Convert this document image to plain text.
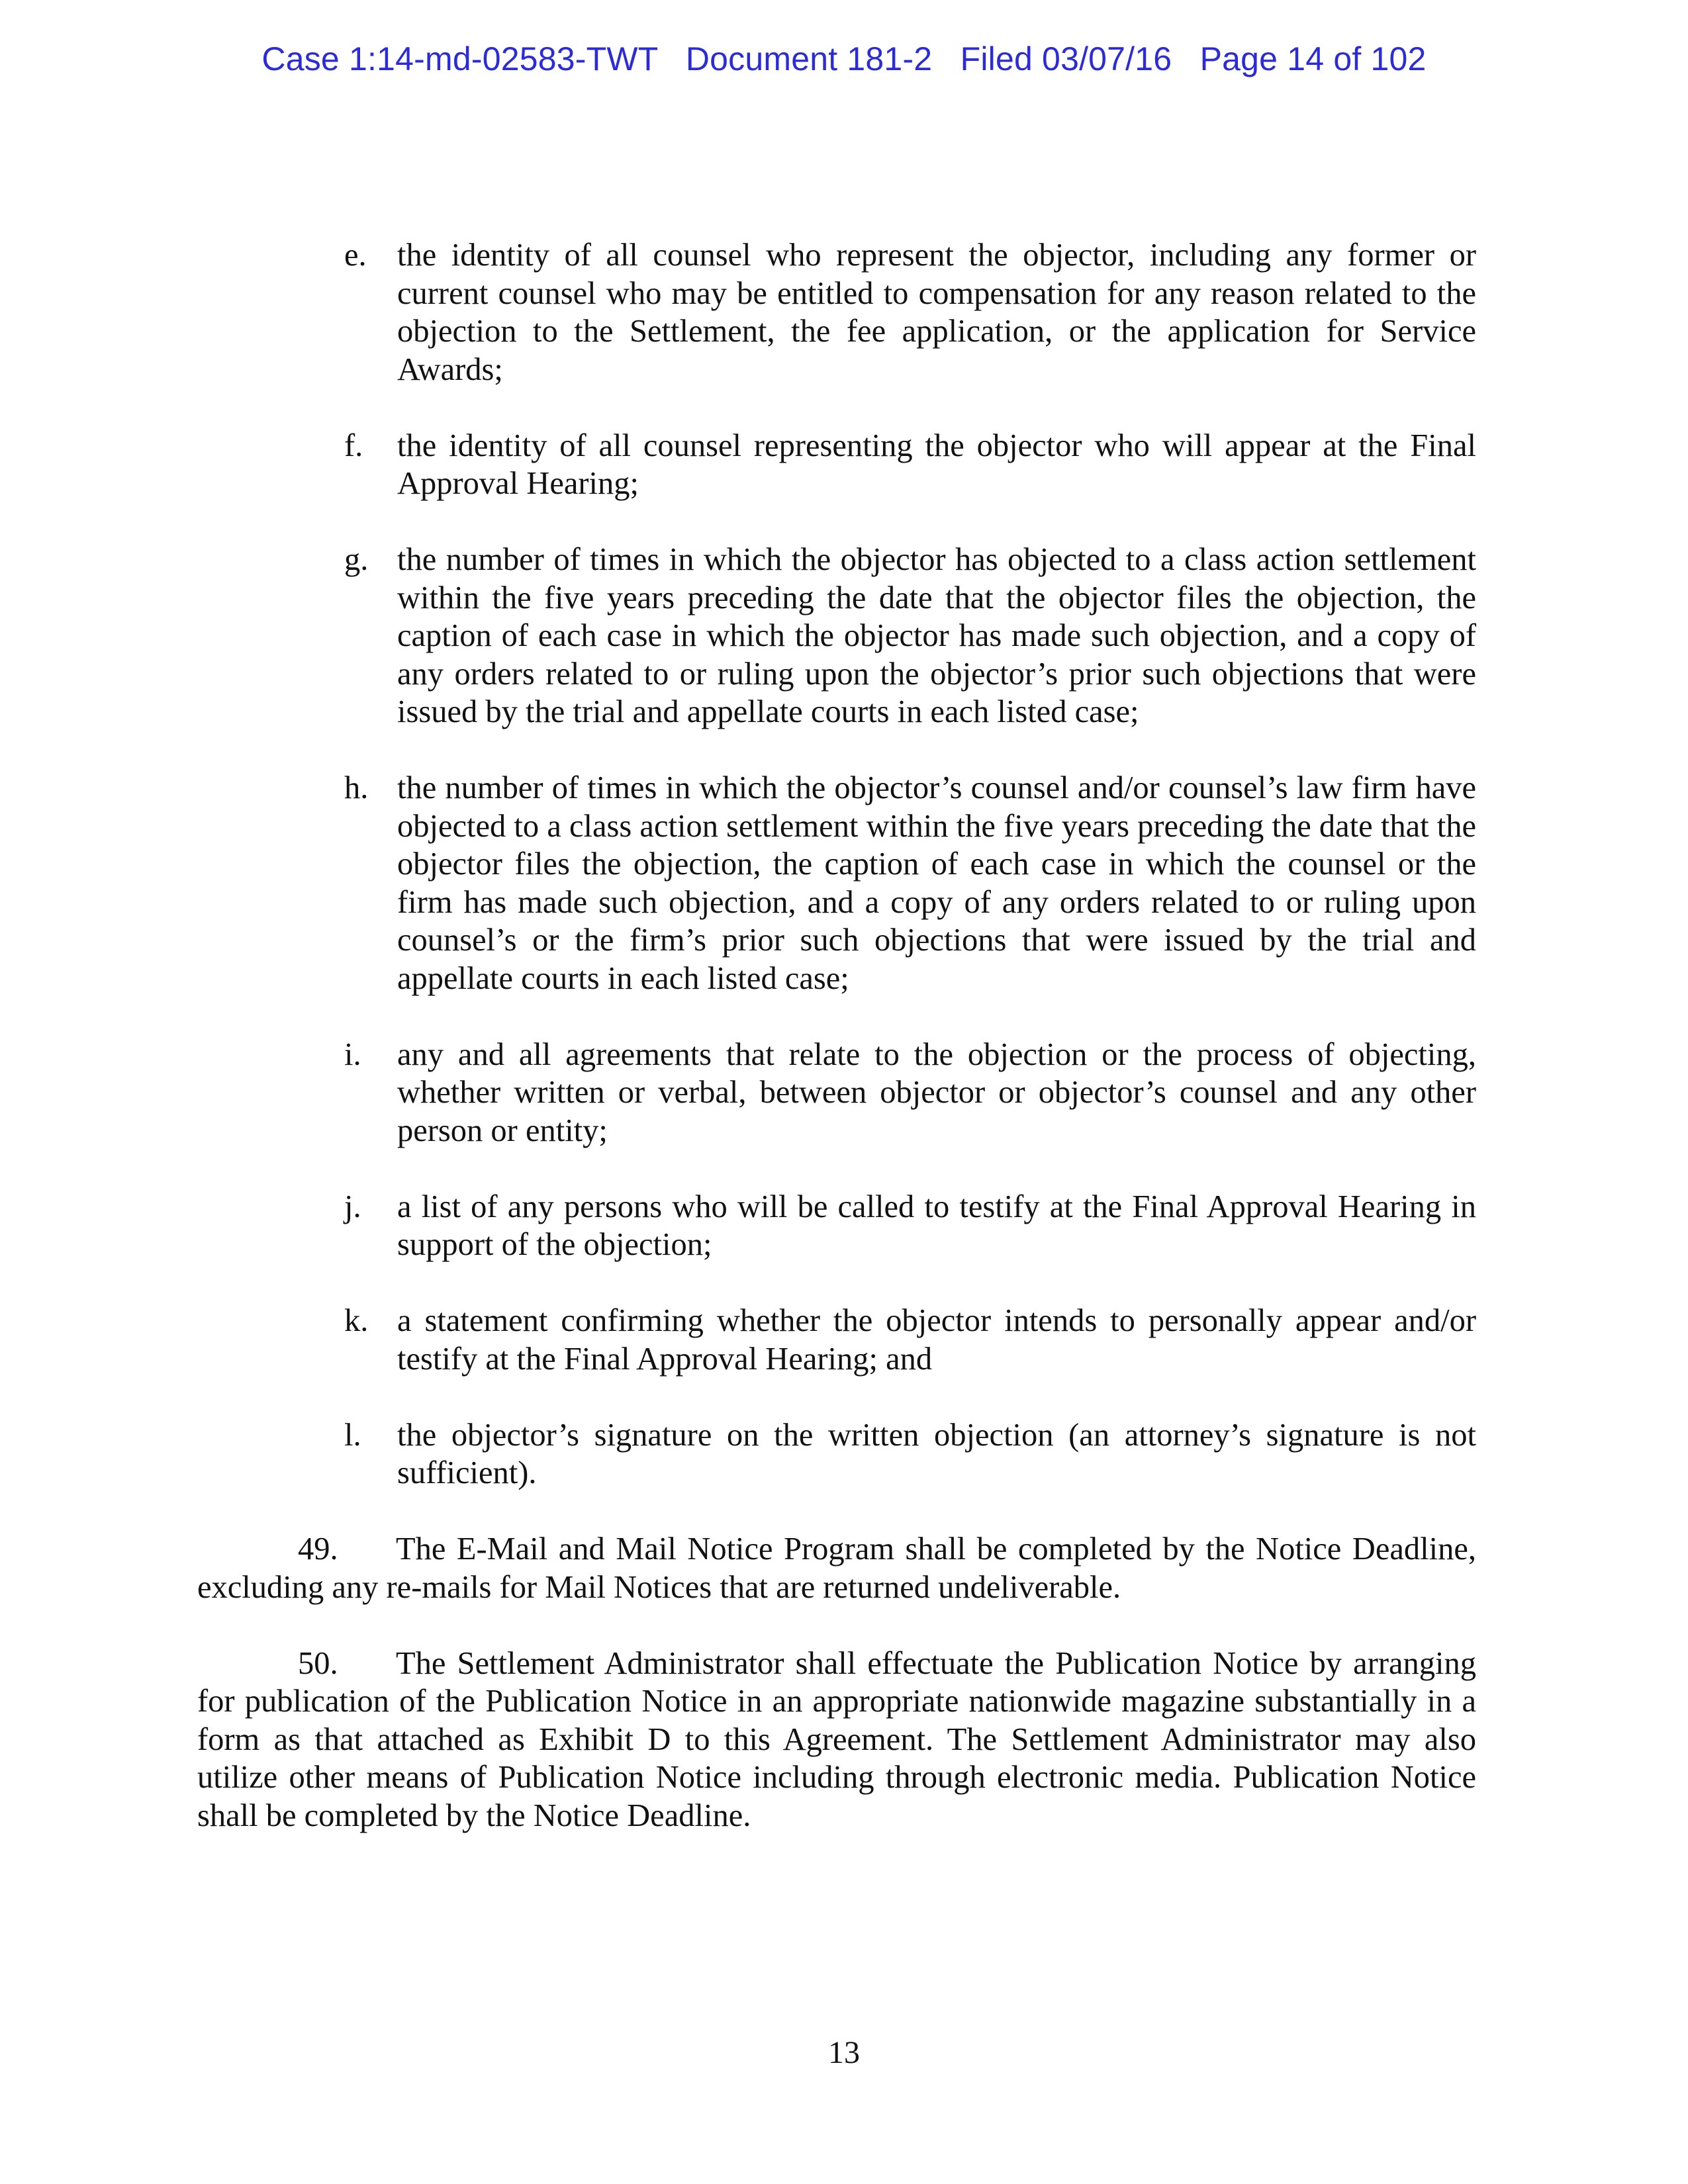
Case 1:14-md-02583-TWT Document 181-2 Filed 03/07/16 Page 14 of 102
e. the identity of all counsel who represent the objector, including any former or current counsel who may be entitled to compensation for any reason related to the objection to the Settlement, the fee application, or the application for Service Awards;
f. the identity of all counsel representing the objector who will appear at the Final Approval Hearing;
g. the number of times in which the objector has objected to a class action settlement within the five years preceding the date that the objector files the objection, the caption of each case in which the objector has made such objection, and a copy of any orders related to or ruling upon the objector’s prior such objections that were issued by the trial and appellate courts in each listed case;
h. the number of times in which the objector’s counsel and/or counsel’s law firm have objected to a class action settlement within the five years preceding the date that the objector files the objection, the caption of each case in which the counsel or the firm has made such objection, and a copy of any orders related to or ruling upon counsel’s or the firm’s prior such objections that were issued by the trial and appellate courts in each listed case;
i. any and all agreements that relate to the objection or the process of objecting, whether written or verbal, between objector or objector’s counsel and any other person or entity;
j. a list of any persons who will be called to testify at the Final Approval Hearing in support of the objection;
k. a statement confirming whether the objector intends to personally appear and/or testify at the Final Approval Hearing; and
l. the objector’s signature on the written objection (an attorney’s signature is not sufficient).
49. The E-Mail and Mail Notice Program shall be completed by the Notice Deadline, excluding any re-mails for Mail Notices that are returned undeliverable.
50. The Settlement Administrator shall effectuate the Publication Notice by arranging for publication of the Publication Notice in an appropriate nationwide magazine substantially in a form as that attached as Exhibit D to this Agreement. The Settlement Administrator may also utilize other means of Publication Notice including through electronic media. Publication Notice shall be completed by the Notice Deadline.
13
